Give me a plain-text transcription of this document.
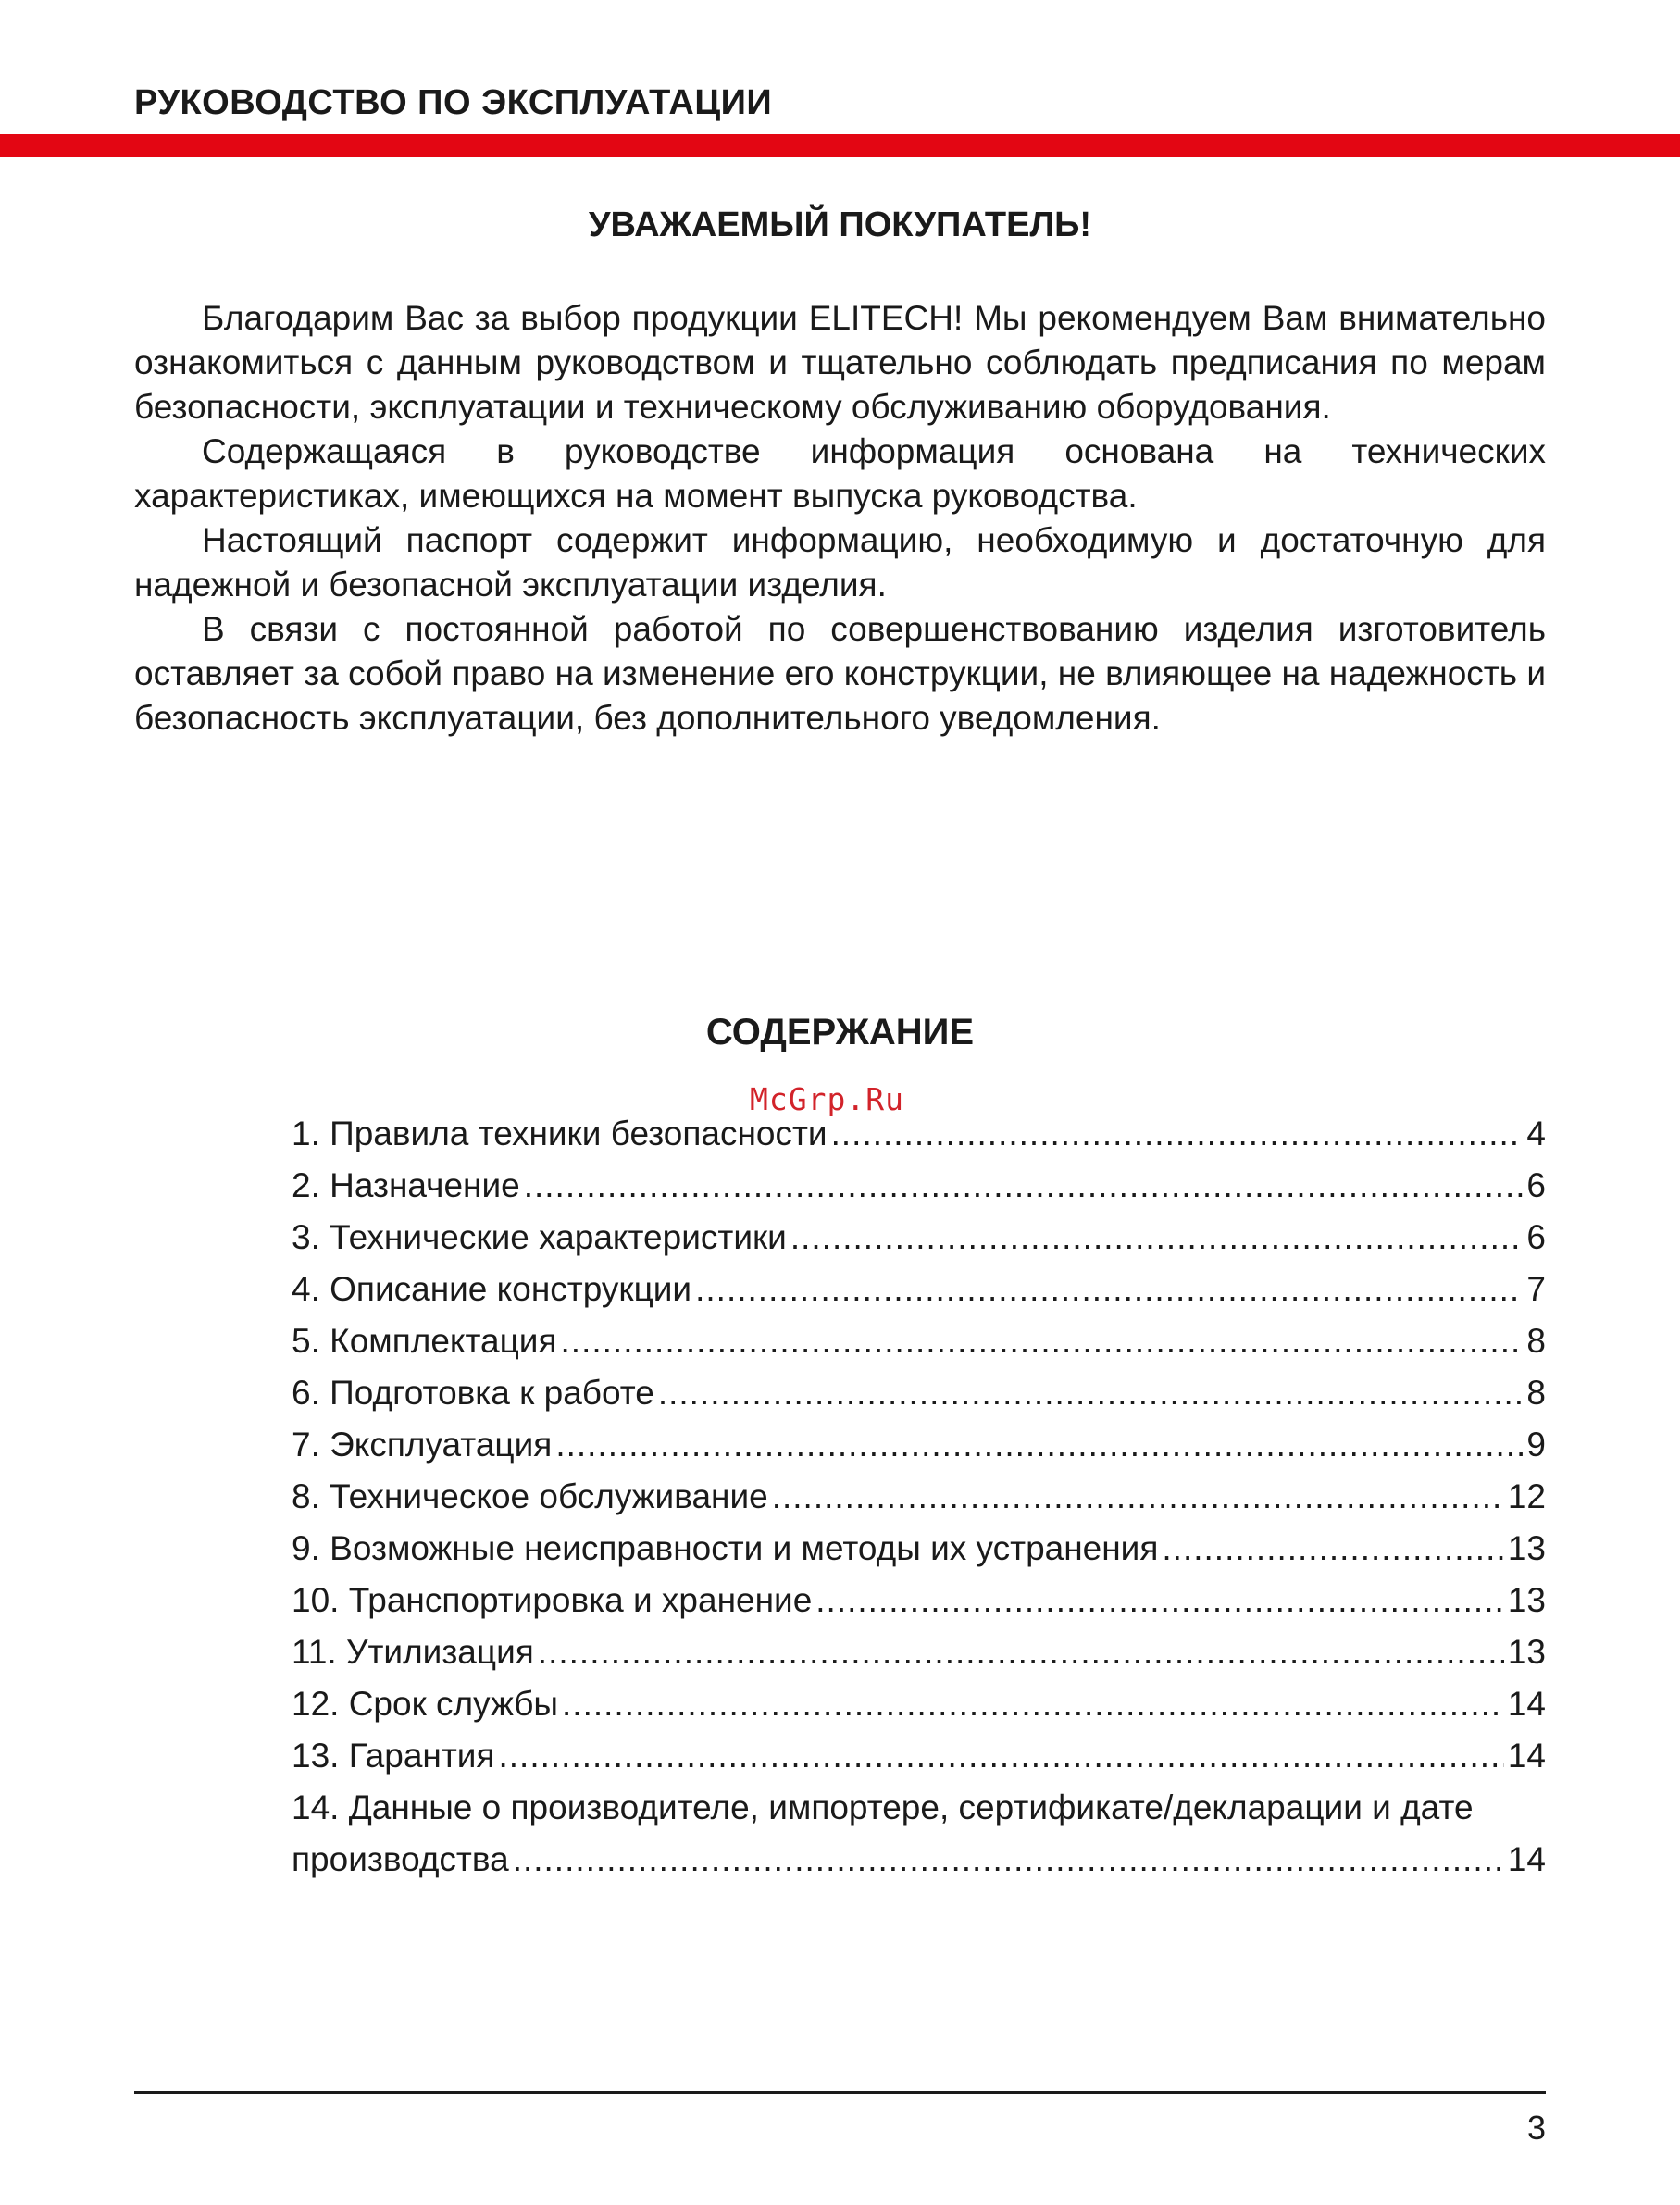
РУКОВОДСТВО ПО ЭКСПЛУАТАЦИИ
УВАЖАЕМЫЙ ПОКУПАТЕЛЬ!

Благодарим Вас за выбор продукции ELITECH! Мы рекомендуем Вам внимательно ознакомиться с данным руководством и тщательно соблюдать предписания по мерам безопасности, эксплуатации и техническому обслуживанию оборудования.

Содержащаяся в руководстве информация основана на технических характеристиках, имеющихся на момент выпуска руководства.

Настоящий паспорт содержит информацию, необходимую и достаточную для надежной и безопасной эксплуатации изделия.

В связи с постоянной работой по совершенствованию изделия изготовитель оставляет за собой право на изменение его конструкции, не влияющее на надежность и безопасность эксплуатации, без дополнительного уведомления.

СОДЕРЖАНИЕ
McGrp.Ru
1. Правила техники безопасности .....	4
2. Назначение .....	6
3. Технические характеристики .....	6
4. Описание конструкции .....	7
5. Комплектация .....	8
6. Подготовка к работе .....	8
7. Эксплуатация .....	9
8. Техническое обслуживание .....	12
9. Возможные неисправности и методы их устранения .....	13
10. Транспортировка и хранение .....	13
11. Утилизация .....	13
12. Срок службы .....	14
13. Гарантия .....	14
14. Данные о производителе, импортере, сертификате/декларации и дате
производства .....	14
3
